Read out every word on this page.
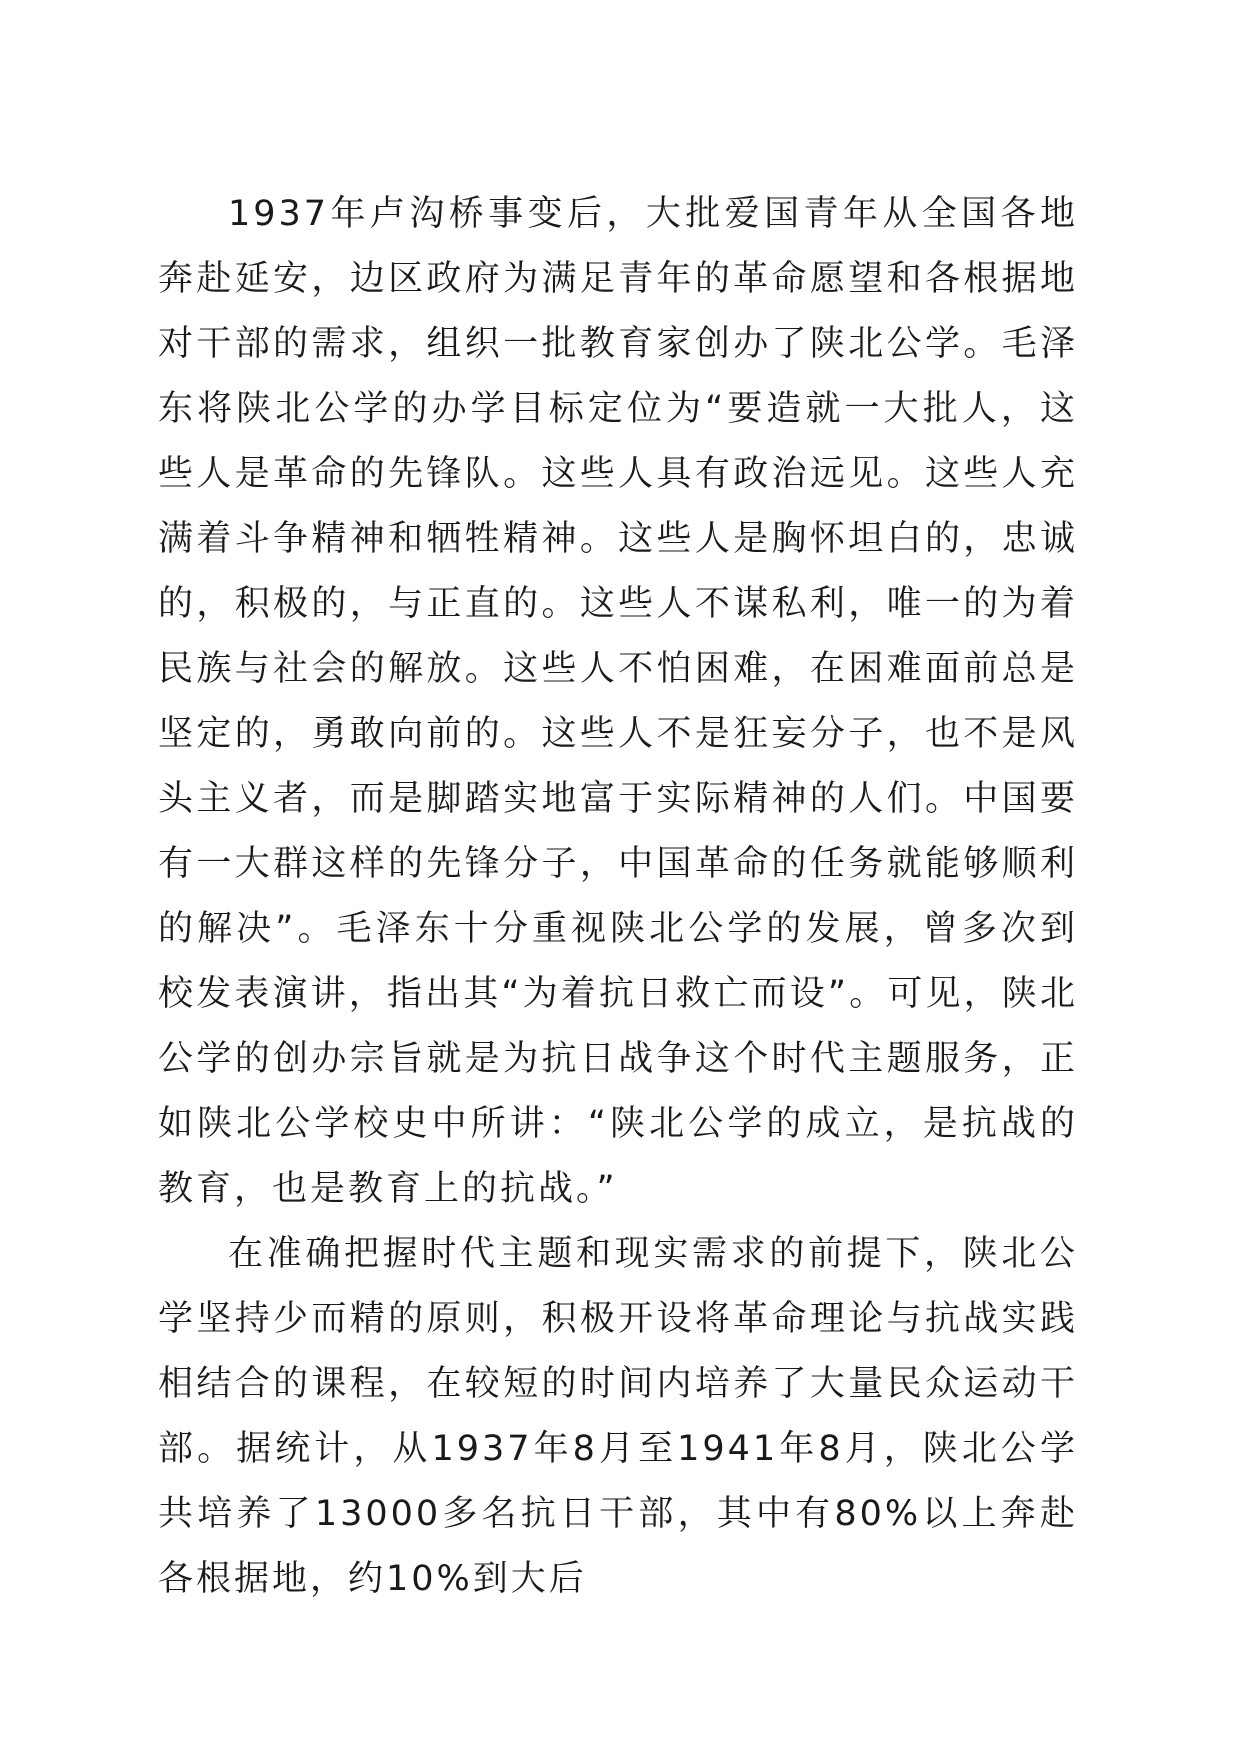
1937年卢沟桥事变后，大批爱国青年从全国各地奔赴延安，边区政府为满足青年的革命愿望和各根据地对干部的需求，组织一批教育家创办了陕北公学。毛泽东将陕北公学的办学目标定位为“要造就一大批人，这些人是革命的先锋队。这些人具有政治远见。这些人充满着斗争精神和牺牲精神。这些人是胸怀坦白的，忠诚的，积极的，与正直的。这些人不谋私利，唯一的为着民族与社会的解放。这些人不怕困难，在困难面前总是坚定的，勇敢向前的。这些人不是狂妄分子，也不是风头主义者，而是脚踏实地富于实际精神的人们。中国要有一大群这样的先锋分子，中国革命的任务就能够顺利的解决”。毛泽东十分重视陕北公学的发展，曾多次到校发表演讲，指出其“为着抗日救亡而设”。可见，陕北公学的创办宗旨就是为抗日战争这个时代主题服务，正如陕北公学校史中所讲：“陕北公学的成立，是抗战的教育，也是教育上的抗战。”

在准确把握时代主题和现实需求的前提下，陕北公学坚持少而精的原则，积极开设将革命理论与抗战实践相结合的课程，在较短的时间内培养了大量民众运动干部。据统计，从1937年8月至1941年8月，陕北公学共培养了13000多名抗日干部，其中有80%以上奔赴各根据地，约10%到大后
